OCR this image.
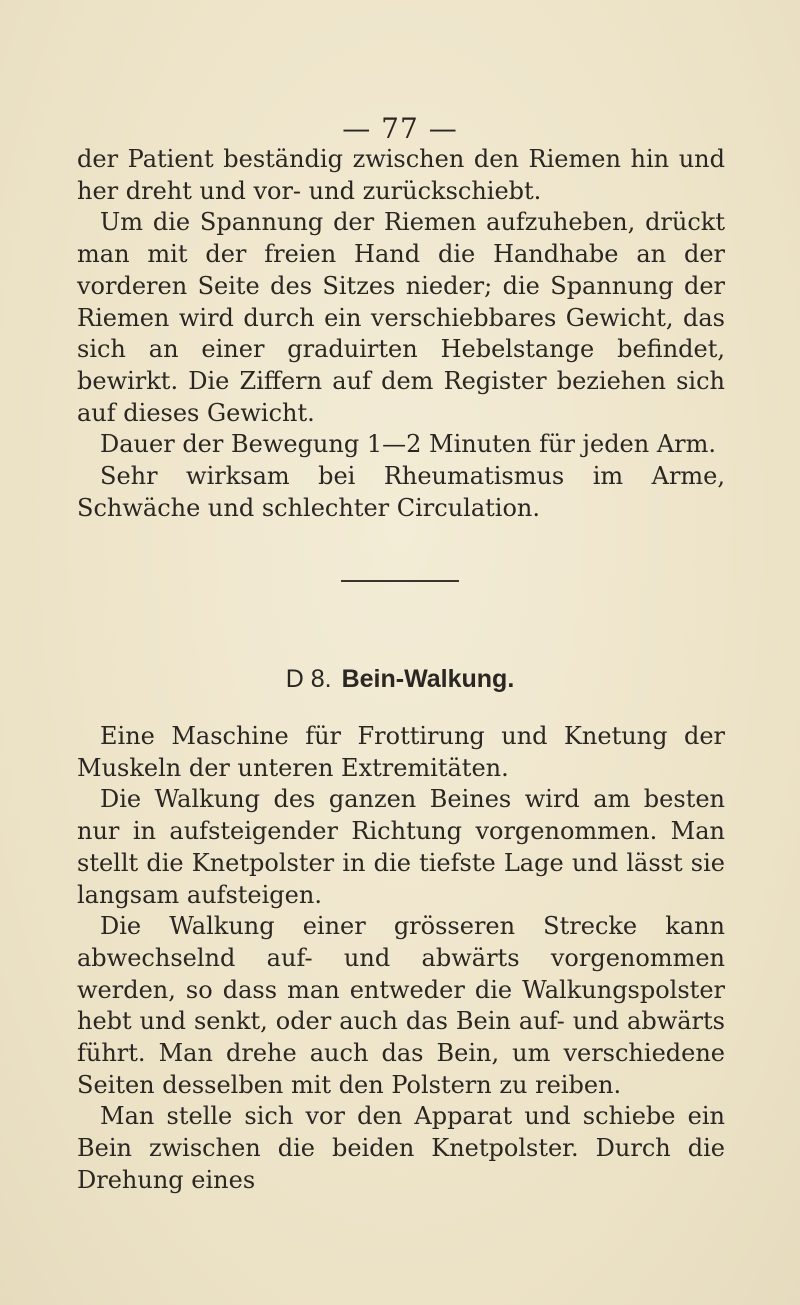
— 77 —

der Patient beständig zwischen den Riemen hin und her dreht und vor- und zurückschiebt.

Um die Spannung der Riemen aufzuheben, drückt man mit der freien Hand die Handhabe an der vorderen Seite des Sitzes nieder; die Spannung der Riemen wird durch ein verschiebbares Gewicht, das sich an einer graduirten Hebelstange befindet, bewirkt. Die Ziffern auf dem Register beziehen sich auf dieses Gewicht.

Dauer der Bewegung 1—2 Minuten für jeden Arm.

Sehr wirksam bei Rheumatismus im Arme, Schwäche und schlechter Circulation.

D 8. Bein-Walkung.

Eine Maschine für Frottirung und Knetung der Muskeln der unteren Extremitäten.

Die Walkung des ganzen Beines wird am besten nur in aufsteigender Richtung vorgenommen. Man stellt die Knetpolster in die tiefste Lage und lässt sie langsam aufsteigen.

Die Walkung einer grösseren Strecke kann abwechselnd auf- und abwärts vorgenommen werden, so dass man entweder die Walkungspolster hebt und senkt, oder auch das Bein auf- und abwärts führt. Man drehe auch das Bein, um verschiedene Seiten desselben mit den Polstern zu reiben.

Man stelle sich vor den Apparat und schiebe ein Bein zwischen die beiden Knetpolster. Durch die Drehung eines
